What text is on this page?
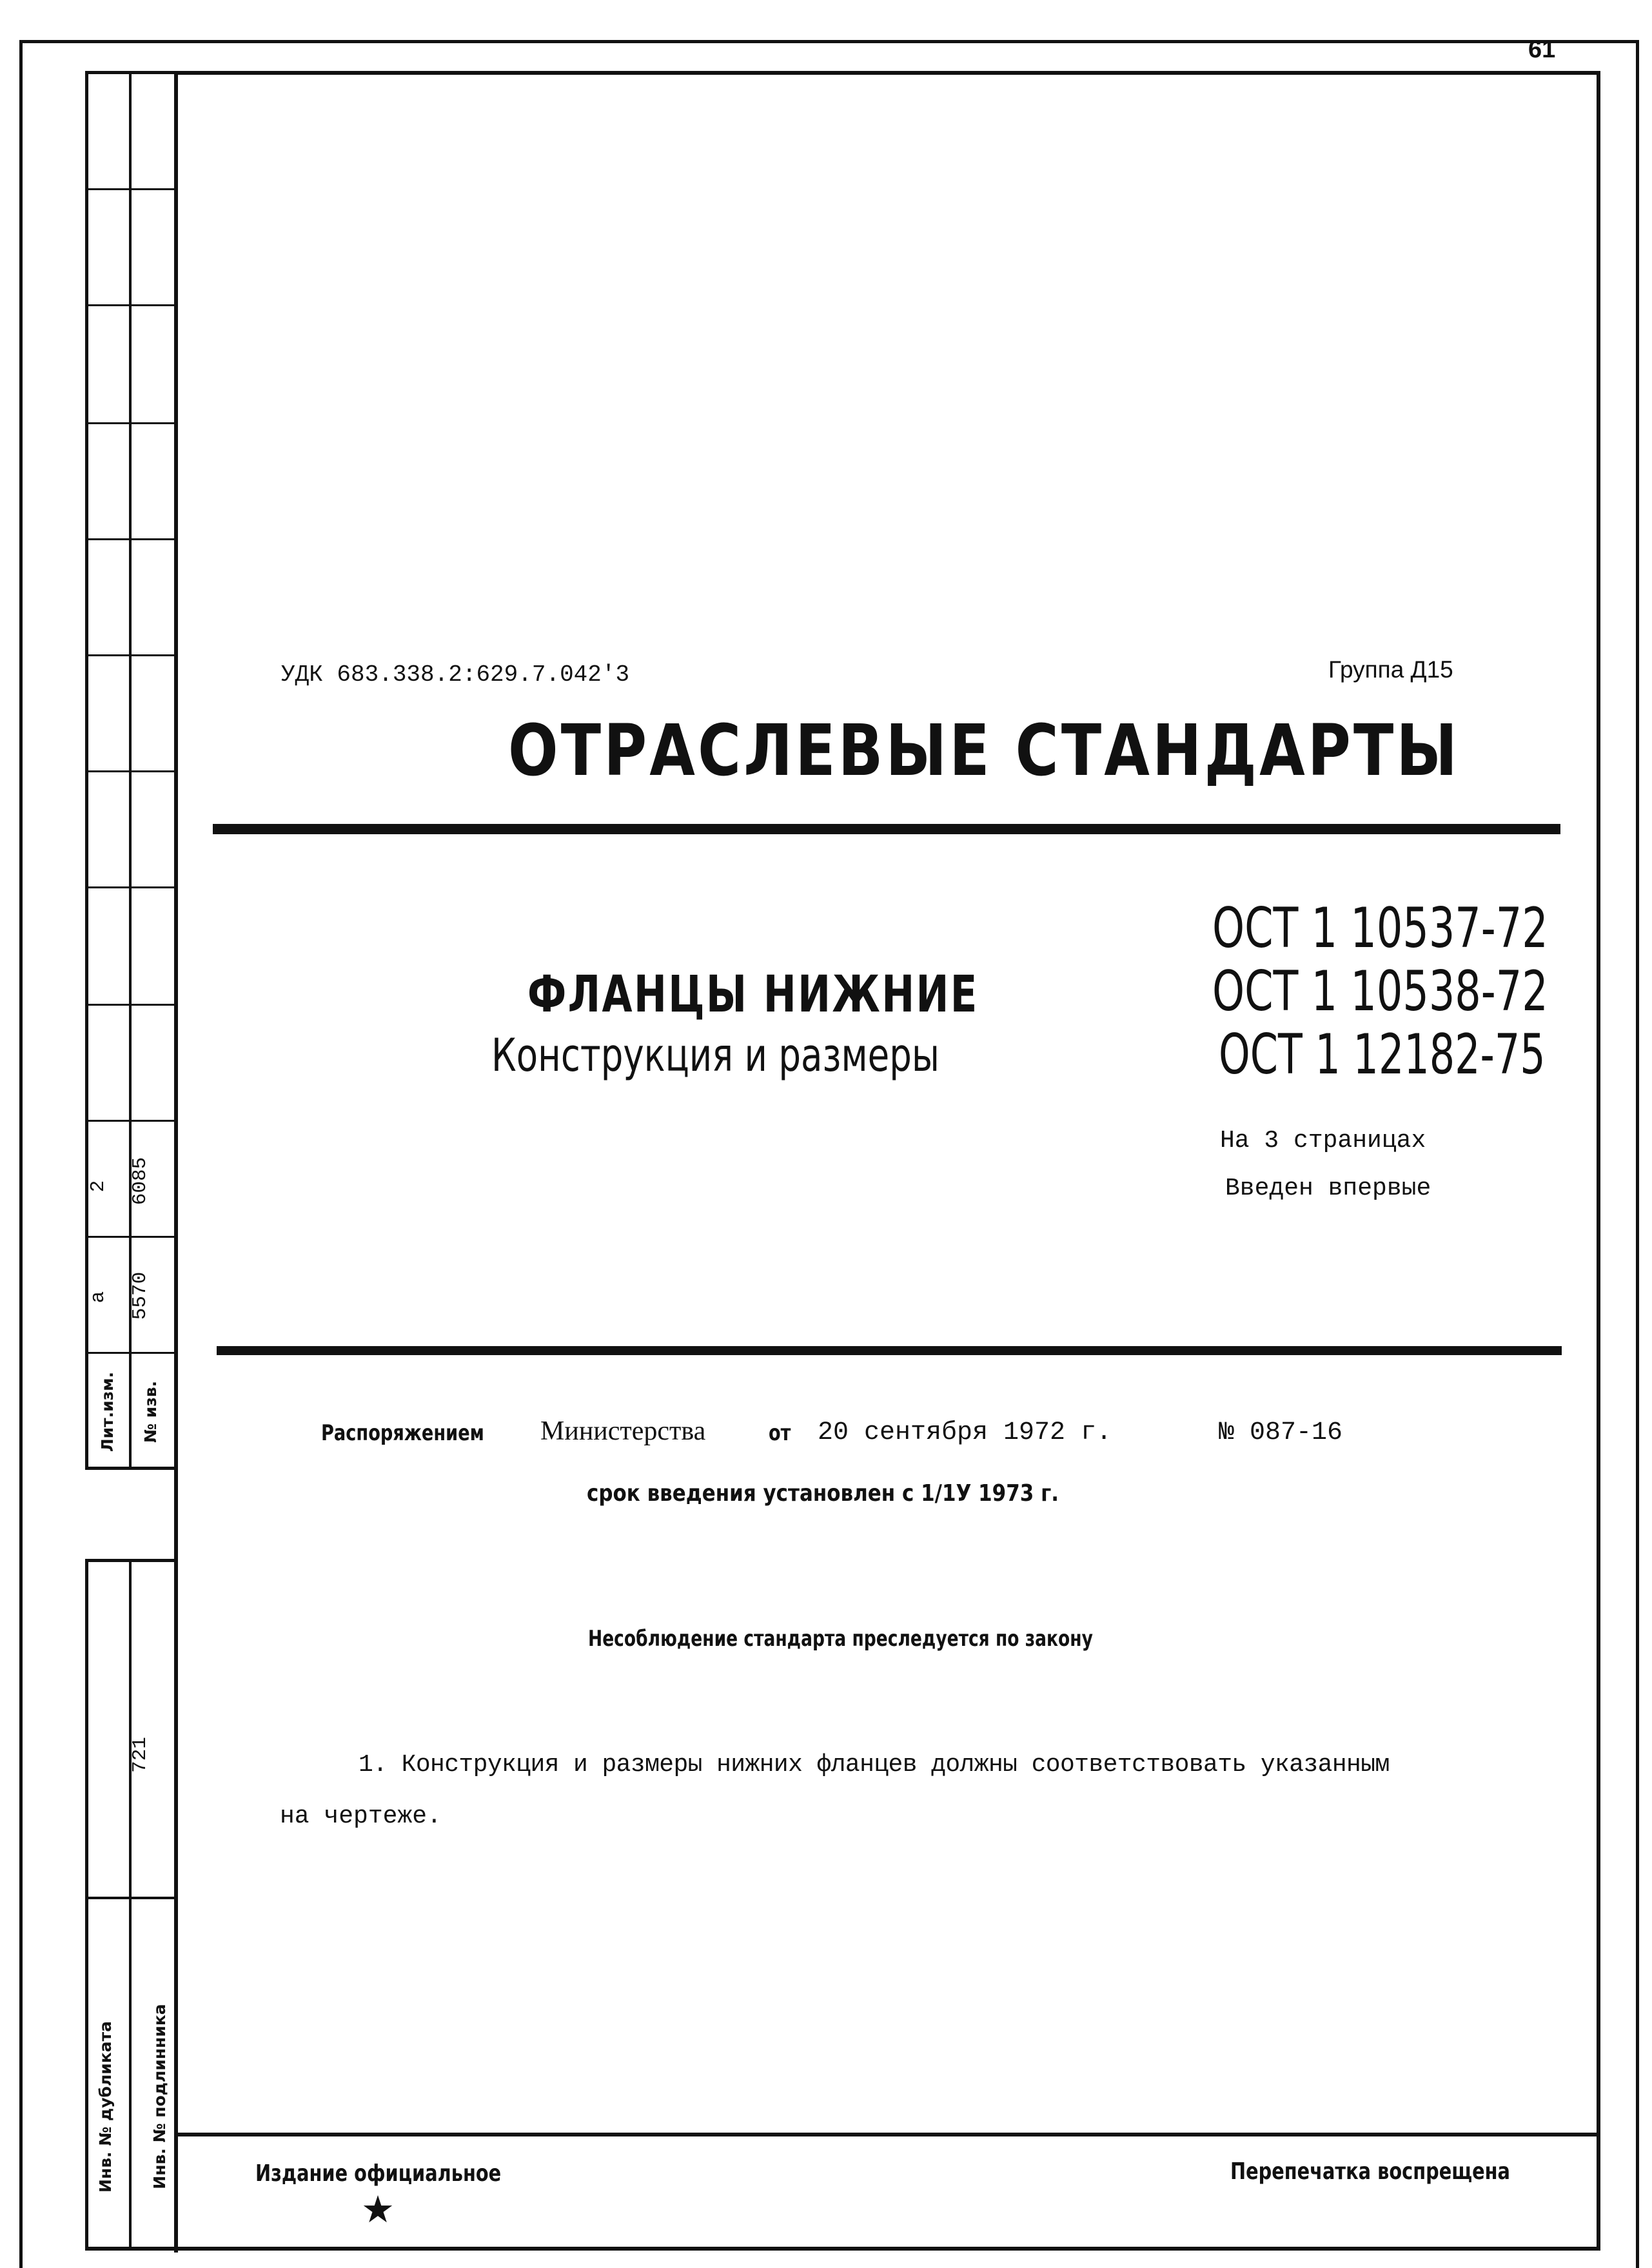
Лит.изм. № изв.
а 5570
2 6085
721
Инв. № дубликата Инв. № подлинника
61
УДК 683.338.2:629.7.042'3	Группа Д15
ОТРАСЛЕВЫЕ СТАНДАРТЫ
ФЛАНЦЫ НИЖНИЕ
Конструкция и размеры
ОСТ 1 10537-72
ОСТ 1 10538-72
ОСТ 1 12182-75
На 3 страницах
Введен впервые
Распоряжением Министерства	от 20 сентября 1972 г.	№ 087-16
срок введения установлен с 1/1У 1973 г.
Несоблюдение стандарта преследуется по закону
1. Конструкция и размеры нижних фланцев должны соответствовать указанным
на чертеже.
Издание официальное
★
Перепечатка воспрещена
